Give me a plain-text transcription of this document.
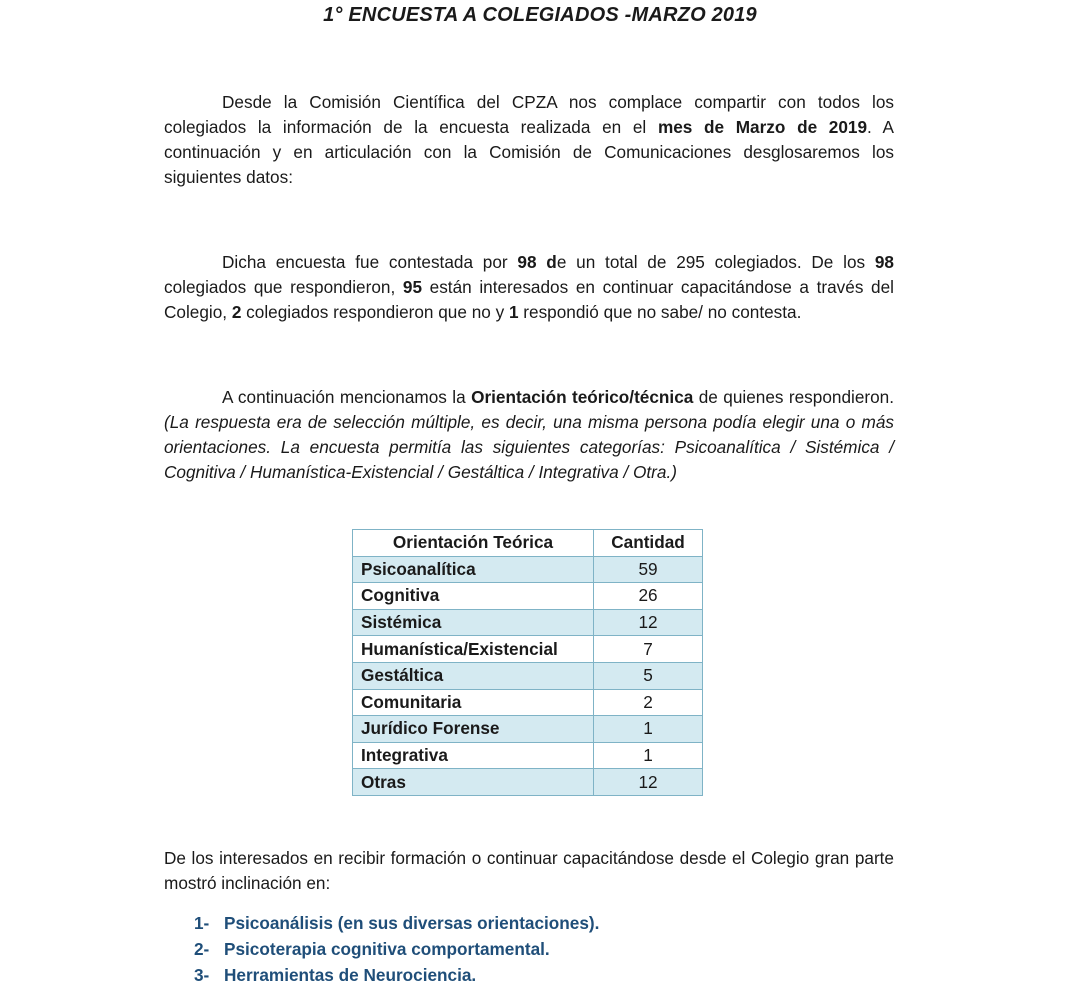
1° ENCUESTA A COLEGIADOS -MARZO 2019

Desde la Comisión Científica del CPZA nos complace compartir con todos los colegiados la información de la encuesta realizada en el mes de Marzo de 2019. A continuación y en articulación con la Comisión de Comunicaciones desglosaremos los siguientes datos:

Dicha encuesta fue contestada por 98 de un total de 295 colegiados. De los 98 colegiados que respondieron, 95 están interesados en continuar capacitándose a través del Colegio, 2 colegiados respondieron que no y 1 respondió que no sabe/ no contesta.

A continuación mencionamos la Orientación teórico/técnica de quienes respondieron. (La respuesta era de selección múltiple, es decir, una misma persona podía elegir una o más orientaciones. La encuesta permitía las siguientes categorías: Psicoanalítica / Sistémica / Cognitiva / Humanística-Existencial / Gestáltica / Integrativa / Otra.)

Orientación Teórica	Cantidad
Psicoanalítica	59
Cognitiva	26
Sistémica	12
Humanística/Existencial	7
Gestáltica	5
Comunitaria	2
Jurídico Forense	1
Integrativa	1
Otras	12

De los interesados en recibir formación o continuar capacitándose desde el Colegio gran parte mostró inclinación en:

1- Psicoanálisis (en sus diversas orientaciones).
2- Psicoterapia cognitiva comportamental.
3- Herramientas de Neurociencia.
